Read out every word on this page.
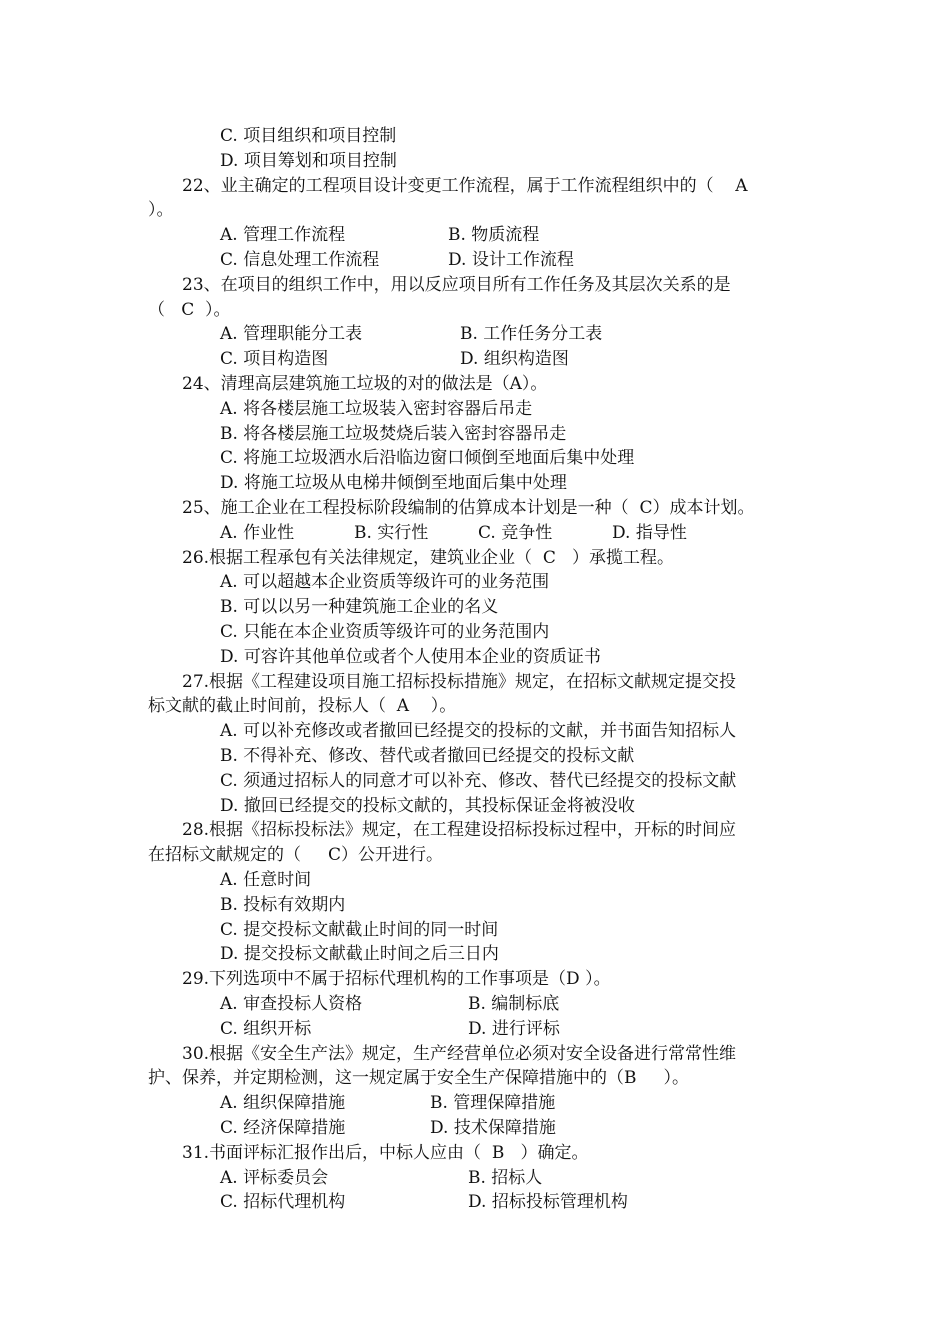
C. 项目组织和项目控制
D. 项目筹划和项目控制
22、业主确定的工程项目设计变更工作流程，属于工作流程组织中的（    A
）。
A. 管理工作流程	B. 物质流程
C. 信息处理工作流程	D. 设计工作流程
23、在项目的组织工作中，用以反应项目所有工作任务及其层次关系的是
（   C  ）。
A. 管理职能分工表	B. 工作任务分工表
C. 项目构造图	D. 组织构造图
24、清理高层建筑施工垃圾的对的做法是（A）。
A. 将各楼层施工垃圾装入密封容器后吊走
B. 将各楼层施工垃圾焚烧后装入密封容器吊走
C. 将施工垃圾洒水后沿临边窗口倾倒至地面后集中处理
D. 将施工垃圾从电梯井倾倒至地面后集中处理
25、施工企业在工程投标阶段编制的估算成本计划是一种（  C）成本计划。
A. 作业性	B. 实行性	C. 竞争性	D. 指导性
26.根据工程承包有关法律规定，建筑业企业（  C   ）承揽工程。
A. 可以超越本企业资质等级许可的业务范围
B. 可以以另一种建筑施工企业的名义
C. 只能在本企业资质等级许可的业务范围内
D. 可容许其他单位或者个人使用本企业的资质证书
27.根据《工程建设项目施工招标投标措施》规定，在招标文献规定提交投
标文献的截止时间前，投标人（  A    ）。
A. 可以补充修改或者撤回已经提交的投标的文献，并书面告知招标人
B. 不得补充、修改、替代或者撤回已经提交的投标文献
C. 须通过招标人的同意才可以补充、修改、替代已经提交的投标文献
D. 撤回已经提交的投标文献的，其投标保证金将被没收
28.根据《招标投标法》规定，在工程建设招标投标过程中，开标的时间应
在招标文献规定的（     C）公开进行。
A. 任意时间
B. 投标有效期内
C. 提交投标文献截止时间的同一时间
D. 提交投标文献截止时间之后三日内
29.下列选项中不属于招标代理机构的工作事项是（D ）。
A. 审查投标人资格	B. 编制标底
C. 组织开标	D. 进行评标
30.根据《安全生产法》规定，生产经营单位必须对安全设备进行常常性维
护、保养，并定期检测，这一规定属于安全生产保障措施中的（B     ）。
A. 组织保障措施	B. 管理保障措施
C. 经济保障措施	D. 技术保障措施
31.书面评标汇报作出后，中标人应由（  B   ）确定。
A. 评标委员会	B. 招标人
C. 招标代理机构	D. 招标投标管理机构
